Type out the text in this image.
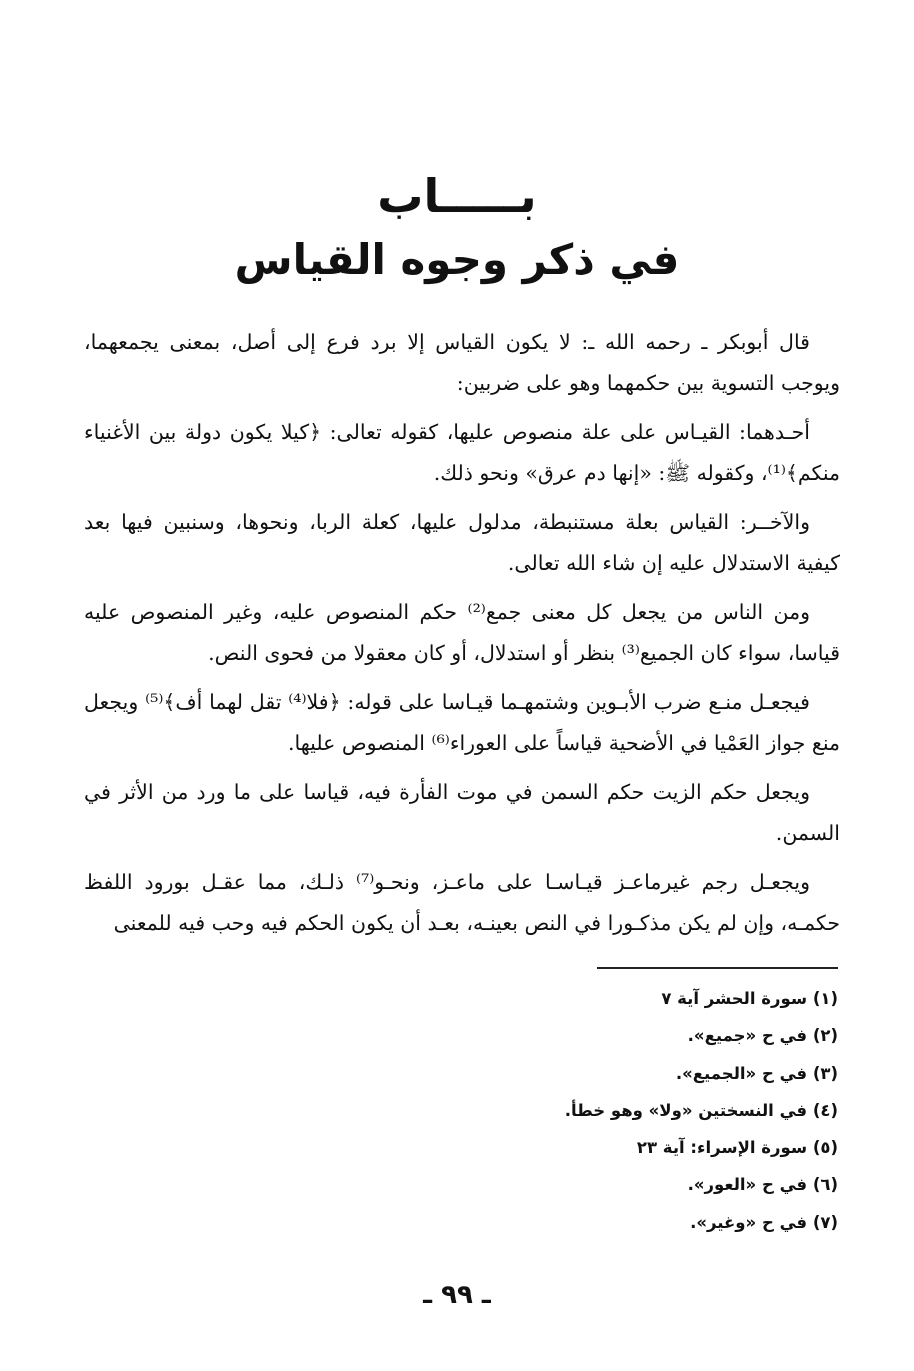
بـــــاب
في ذكر وجوه القياس

قال أبوبكر ـ رحمه الله ـ: لا يكون القياس إلا برد فرع إلى أصل، بمعنى يجمعهما، ويوجب التسوية بين حكمهما وهو على ضربين:

أحـدهما: القيـاس على علة منصوص عليها، كقوله تعالى: ﴿كيلا يكون دولة بين الأغنياء منكم﴾⁽¹⁾، وكقوله ﷺ: «إنها دم عرق» ونحو ذلك.

والآخــر: القياس بعلة مستنبطة، مدلول عليها، كعلة الربا، ونحوها، وسنبين فيها بعد كيفية الاستدلال عليه إن شاء الله تعالى.

ومن الناس من يجعل كل معنى جمع⁽²⁾ حكم المنصوص عليه، وغير المنصوص عليه قياسا، سواء كان الجميع⁽³⁾ بنظر أو استدلال، أو كان معقولا من فحوى النص.

فيجعـل منـع ضرب الأبـوين وشتمهـما قيـاسا على قوله: ﴿فلا⁽⁴⁾ تقل لهما أف﴾⁽⁵⁾ ويجعل منع جواز العَمْيا في الأضحية قياساً على العوراء⁽⁶⁾ المنصوص عليها.

ويجعل حكم الزيت حكم السمن في موت الفأرة فيه، قياسا على ما ورد من الأثر في السمن.

ويجعـل رجم غيرماعـز قيـاسـا على ماعـز، ونحـو⁽⁷⁾ ذلـك، مما عقـل بورود اللفظ حكمـه، وإن لم يكن مذكـورا في النص بعينـه، بعـد أن يكون الحكم فيه وحب فيه للمعنى

(١) سورة الحشر آية ٧
(٢) في ح «جميع».
(٣) في ح «الجميع».
(٤) في النسختين «ولا» وهو خطأ.
(٥) سورة الإسراء: آية ٢٣
(٦) في ح «العور».
(٧) في ح «وغير».
ـ ٩٩ ـ
